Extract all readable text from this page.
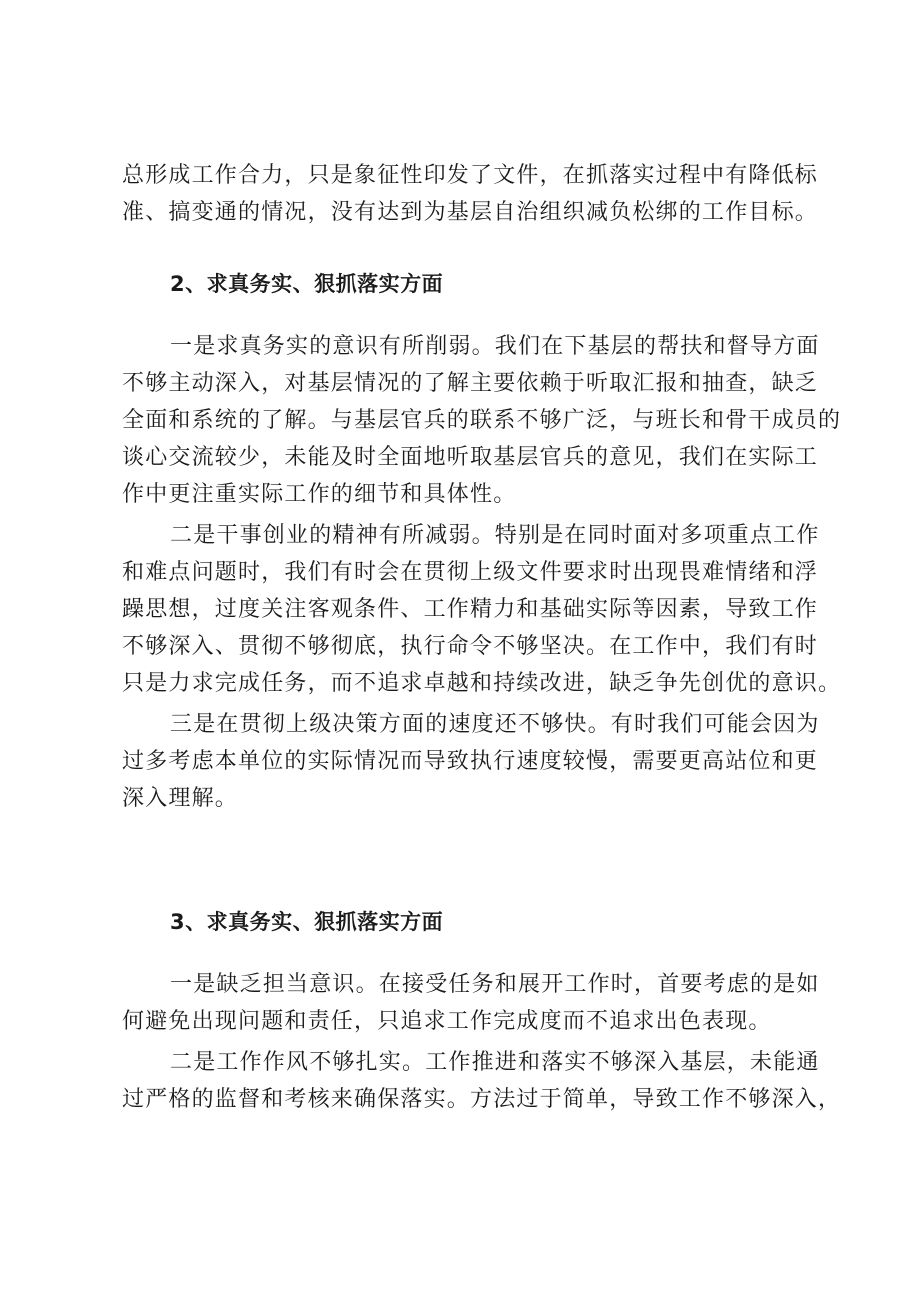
总形成工作合力，只是象征性印发了文件，在抓落实过程中有降低标
准、搞变通的情况，没有达到为基层自治组织减负松绑的工作目标。
2、求真务实、狠抓落实方面
一是求真务实的意识有所削弱。我们在下基层的帮扶和督导方面
不够主动深入，对基层情况的了解主要依赖于听取汇报和抽查，缺乏
全面和系统的了解。与基层官兵的联系不够广泛，与班长和骨干成员的
谈心交流较少，未能及时全面地听取基层官兵的意见，我们在实际工
作中更注重实际工作的细节和具体性。
二是干事创业的精神有所减弱。特别是在同时面对多项重点工作
和难点问题时，我们有时会在贯彻上级文件要求时出现畏难情绪和浮
躁思想，过度关注客观条件、工作精力和基础实际等因素，导致工作
不够深入、贯彻不够彻底，执行命令不够坚决。在工作中，我们有时
只是力求完成任务，而不追求卓越和持续改进，缺乏争先创优的意识。
三是在贯彻上级决策方面的速度还不够快。有时我们可能会因为
过多考虑本单位的实际情况而导致执行速度较慢，需要更高站位和更
深入理解。
3、求真务实、狠抓落实方面
一是缺乏担当意识。在接受任务和展开工作时，首要考虑的是如
何避免出现问题和责任，只追求工作完成度而不追求出色表现。
二是工作作风不够扎实。工作推进和落实不够深入基层，未能通
过严格的监督和考核来确保落实。方法过于简单，导致工作不够深入，
